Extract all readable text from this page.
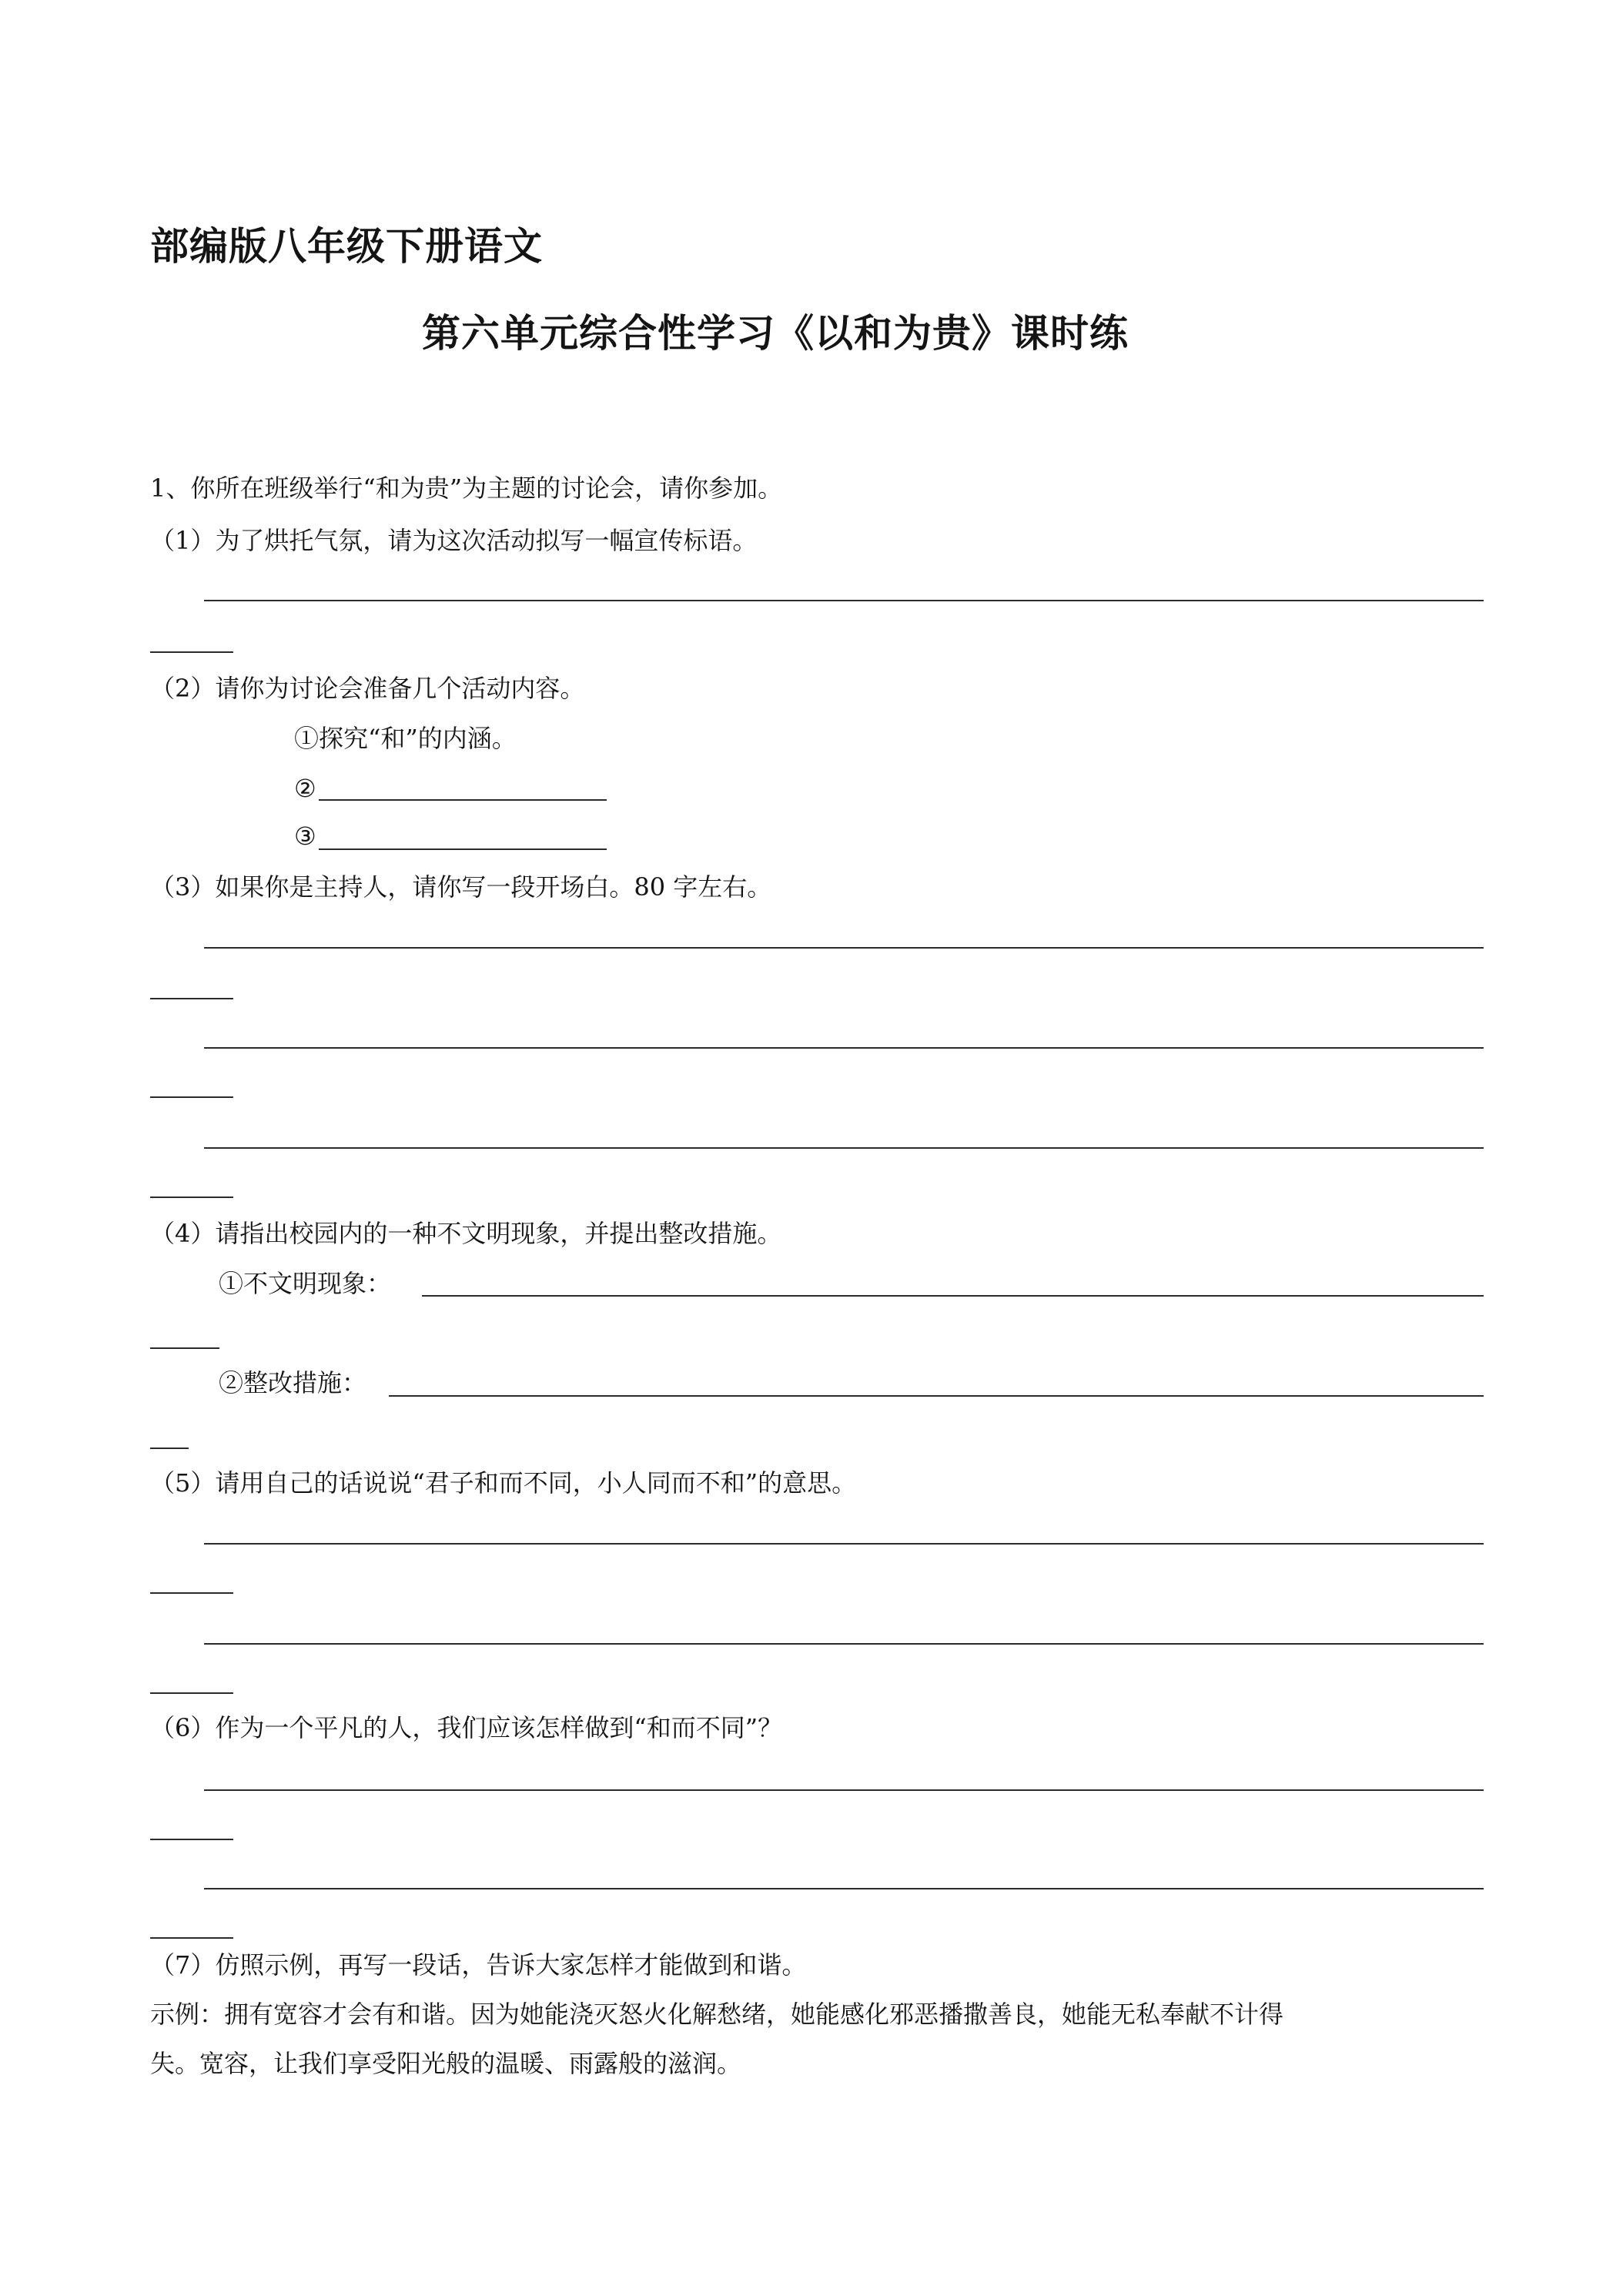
部编版八年级下册语文
第六单元综合性学习《以和为贵》课时练
1、你所在班级举行“和为贵”为主题的讨论会，请你参加。
（1）为了烘托气氛，请为这次活动拟写一幅宣传标语。
（2）请你为讨论会准备几个活动内容。
①探究“和”的内涵。
②
③
（3）如果你是主持人，请你写一段开场白。80 字左右。
（4）请指出校园内的一种不文明现象，并提出整改措施。
①不文明现象：
②整改措施：
（5）请用自己的话说说“君子和而不同，小人同而不和”的意思。
（6）作为一个平凡的人，我们应该怎样做到“和而不同”？
（7）仿照示例，再写一段话，告诉大家怎样才能做到和谐。
示例：拥有宽容才会有和谐。因为她能浇灭怒火化解愁绪，她能感化邪恶播撒善良，她能无私奉献不计得
失。宽容，让我们享受阳光般的温暖、雨露般的滋润。
